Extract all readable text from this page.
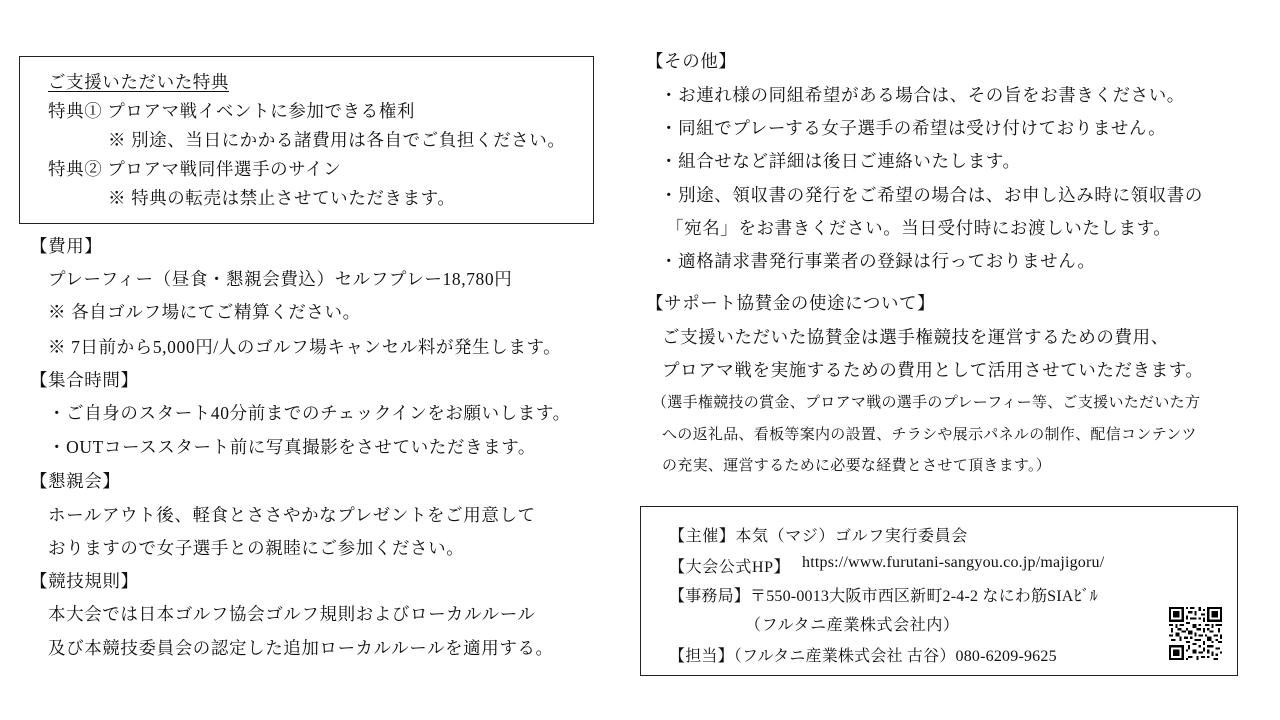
ご支援いただいた特典
特典① プロアマ戦イベントに参加できる権利
※ 別途、当日にかかる諸費用は各自でご負担ください。
特典② プロアマ戦同伴選手のサイン
※ 特典の転売は禁止させていただきます。
【費用】
プレーフィー（昼食・懇親会費込）セルフプレー18,780円
※ 各自ゴルフ場にてご精算ください。
※ 7日前から5,000円/人のゴルフ場キャンセル料が発生します。
【集合時間】
・ご自身のスタート40分前までのチェックインをお願いします。
・OUTコーススタート前に写真撮影をさせていただきます。
【懇親会】
ホールアウト後、軽食とささやかなプレゼントをご用意して
おりますので女子選手との親睦にご参加ください。
【競技規則】
本大会では日本ゴルフ協会ゴルフ規則およびローカルルール
及び本競技委員会の認定した追加ローカルルールを適用する。
【その他】
・お連れ様の同組希望がある場合は、その旨をお書きください。
・同組でプレーする女子選手の希望は受け付けておりません。
・組合せなど詳細は後日ご連絡いたします。
・別途、領収書の発行をご希望の場合は、お申し込み時に領収書の
「宛名」をお書きください。当日受付時にお渡しいたします。
・適格請求書発行事業者の登録は行っておりません。
【サポート協賛金の使途について】
ご支援いただいた協賛金は選手権競技を運営するための費用、
プロアマ戦を実施するための費用として活用させていただきます。
（選手権競技の賞金、プロアマ戦の選手のプレーフィー等、ご支援いただいた方
への返礼品、看板等案内の設置、チラシや展示パネルの制作、配信コンテンツ
の充実、運営するために必要な経費とさせて頂きます。）
【主催】本気（マジ）ゴルフ実行委員会
【大会公式HP】 https://www.furutani-sangyou.co.jp/majigoru/
【事務局】〒550-0013大阪市西区新町2-4-2 なにわ筋SIAﾋﾞﾙ
（フルタニ産業株式会社内）
【担当】（フルタニ産業株式会社 古谷）080-6209-9625
